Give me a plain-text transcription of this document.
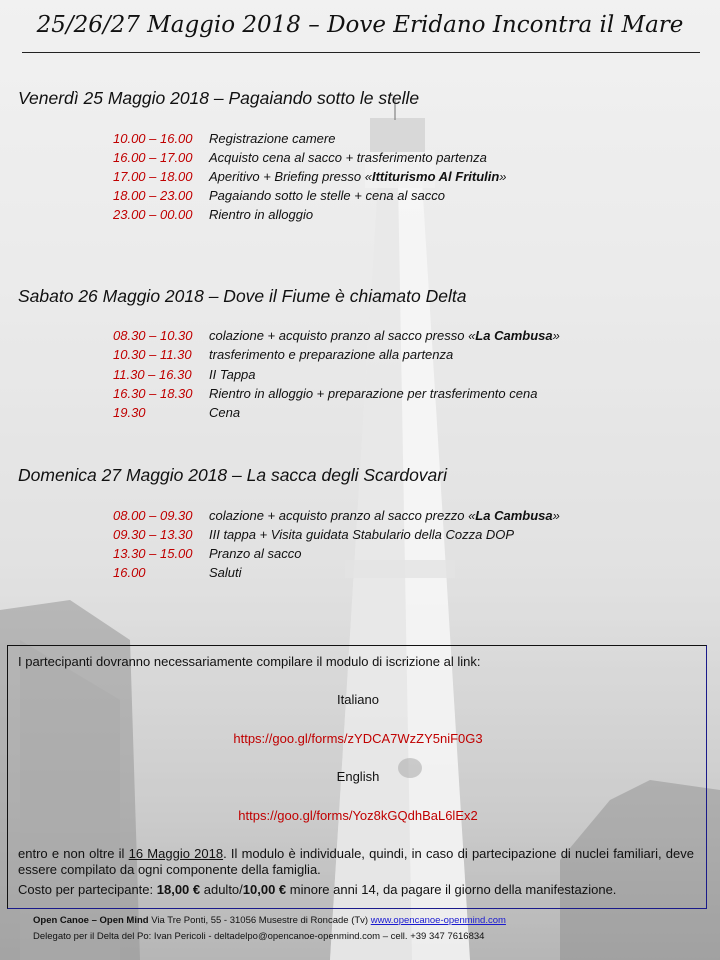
25/26/27 Maggio 2018 – Dove Eridano Incontra il Mare
Venerdì 25 Maggio 2018 – Pagaiando sotto le stelle
10.00 – 16.00 Registrazione camere
16.00 – 17.00 Acquisto cena al sacco + trasferimento partenza
17.00 – 18.00 Aperitivo + Briefing presso «Ittiturismo Al Fritulin»
18.00 – 23.00 Pagaiando sotto le stelle + cena al sacco
23.00 – 00.00 Rientro in alloggio
Sabato 26 Maggio 2018 – Dove il Fiume è chiamato Delta
08.30 – 10.30 colazione + acquisto pranzo al sacco presso «La Cambusa»
10.30 – 11.30 trasferimento e preparazione alla partenza
11.30 – 16.30 II Tappa
16.30 – 18.30 Rientro in alloggio + preparazione per trasferimento cena
19.30	Cena
Domenica 27 Maggio 2018 – La sacca degli Scardovari
08.00 – 09.30 colazione + acquisto pranzo al sacco prezzo «La Cambusa»
09.30 – 13.30 III tappa + Visita guidata Stabulario della Cozza DOP
13.30 – 15.00 Pranzo al sacco
16.00	Saluti
I partecipanti dovranno necessariamente compilare il modulo di iscrizione al link:
Italiano
https://goo.gl/forms/zYDCA7WzZY5niF0G3
English
https://goo.gl/forms/Yoz8kGQdhBaL6lEx2
entro e non oltre il 16 Maggio 2018. Il modulo è individuale, quindi, in caso di partecipazione di nuclei familiari, deve essere compilato da ogni componente della famiglia.
Costo per partecipante: 18,00 € adulto/10,00 € minore anni 14, da pagare il giorno della manifestazione.
Open Canoe – Open Mind Via Tre Ponti, 55 - 31056 Musestre di Roncade (Tv) www.opencanoe-openmind.com
Delegato per il Delta del Po: Ivan Pericoli - deltadelpo@opencanoe-openmind.com – cell. +39 347 7616834
